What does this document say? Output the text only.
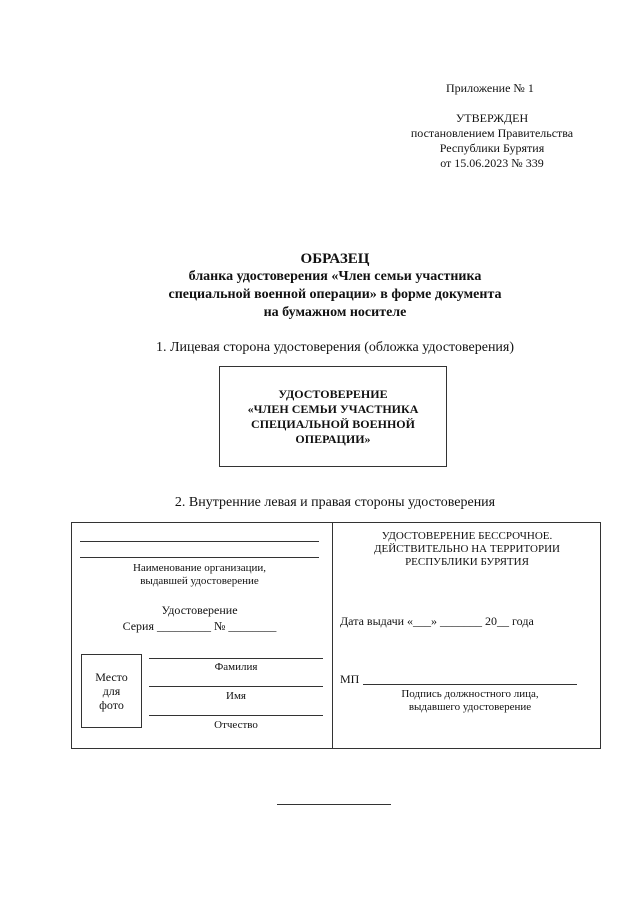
Приложение № 1
УТВЕРЖДЕН
постановлением Правительства
Республики Бурятия
от 15.06.2023 № 339
ОБРАЗЕЦ
бланка удостоверения «Член семьи участника
специальной военной операции» в форме документа
на бумажном носителе
1. Лицевая сторона удостоверения (обложка удостоверения)
УДОСТОВЕРЕНИЕ
«ЧЛЕН СЕМЬИ УЧАСТНИКА
СПЕЦИАЛЬНОЙ ВОЕННОЙ
ОПЕРАЦИИ»
2. Внутренние левая и правая стороны удостоверения
Наименование организации,
выдавшей удостоверение
Удостоверение
Серия _________ № ________
Место
для
фото
Фамилия
Имя
Отчество
УДОСТОВЕРЕНИЕ БЕССРОЧНОЕ.
ДЕЙСТВИТЕЛЬНО НА ТЕРРИТОРИИ
РЕСПУБЛИКИ БУРЯТИЯ
Дата выдачи «___» _______ 20__ года
МП
Подпись должностного лица,
выдавшего удостоверение
